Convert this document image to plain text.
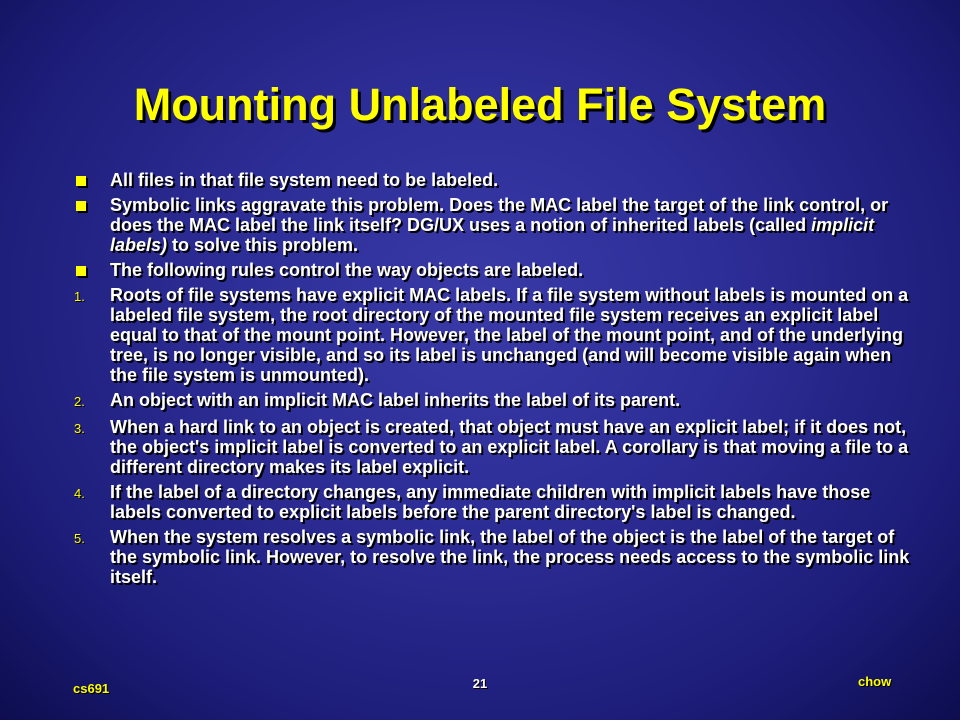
Mounting Unlabeled File System
All files in that file system need to be labeled.
Symbolic links aggravate this problem. Does the MAC label the target of the link control, or does the MAC label the link itself? DG/UX uses a notion of inherited labels (called implicit labels) to solve this problem.
The following rules control the way objects are labeled.
1.	Roots of file systems have explicit MAC labels. If a file system without labels is mounted on a labeled file system, the root directory of the mounted file system receives an explicit label equal to that of the mount point. However, the label of the mount point, and of the underlying tree, is no longer visible, and so its label is unchanged (and will become visible again when the file system is unmounted).
2.	An object with an implicit MAC label inherits the label of its parent.
3.	When a hard link to an object is created, that object must have an explicit label; if it does not, the object's implicit label is converted to an explicit label. A corollary is that moving a file to a different directory makes its label explicit.
4.	If the label of a directory changes, any immediate children with implicit labels have those labels converted to explicit labels before the parent directory's label is changed.
5.	When the system resolves a symbolic link, the label of the object is the label of the target of the symbolic link. However, to resolve the link, the process needs access to the symbolic link itself.
cs691	21	chow
